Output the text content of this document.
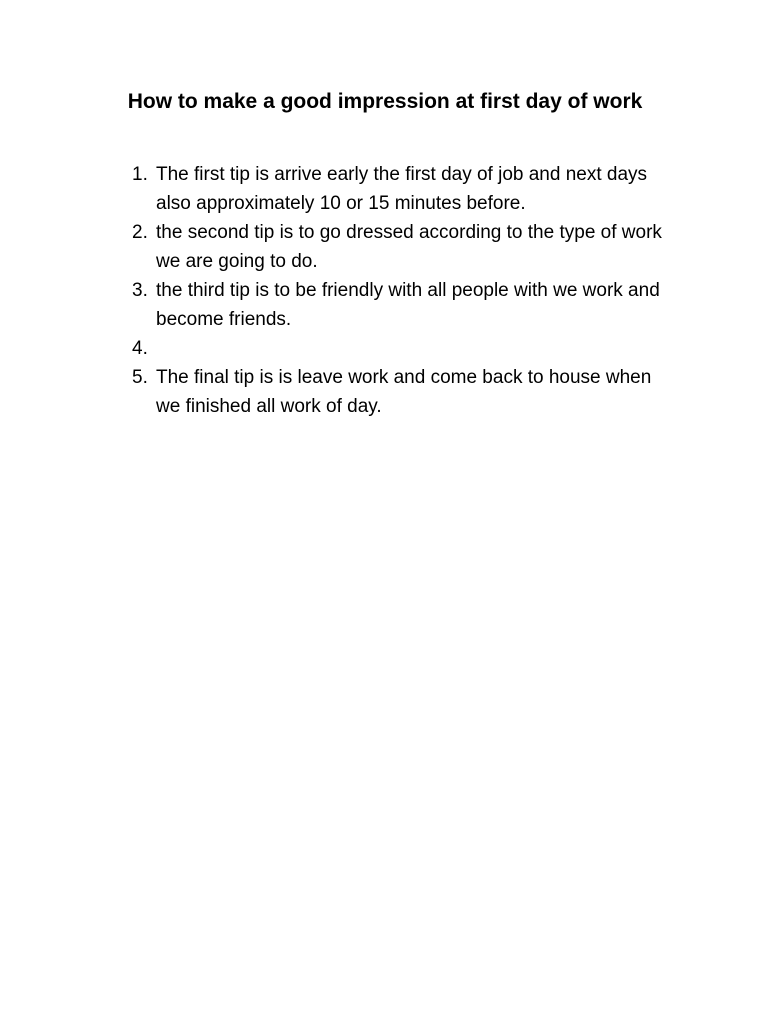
How to make a good impression at first day of work
1. The first tip is arrive early the first day of job and next days also approximately 10 or 15 minutes before.
2. the second tip is to go dressed according to the type of work we are going to do.
3. the third tip is to be friendly with all people with we work and become friends.
4.
5. The final tip is is leave work and come back to house when we finished all work of day.
